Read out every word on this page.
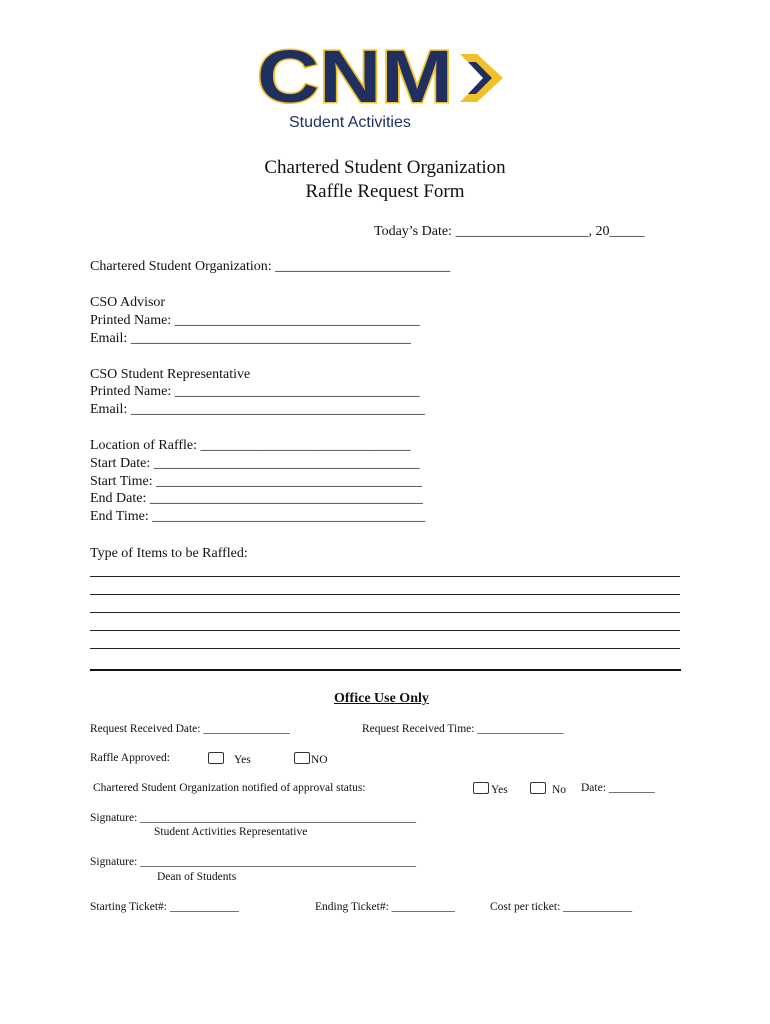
CNM
Student Activities
Chartered Student Organization
Raffle Request Form
Today’s Date: ___________________, 20_____
Chartered Student Organization: _________________________
CSO Advisor
Printed Name: ___________________________________
Email: ________________________________________
CSO Student Representative
Printed Name: ___________________________________
Email: __________________________________________
Location of Raffle: ______________________________
Start Date: ______________________________________
Start Time: ______________________________________
End Date: _______________________________________
End Time: _______________________________________
Type of Items to be Raffled:
Office Use Only
Request Received Date: _______________	Request Received Time: _______________
Raffle Approved:	Yes	NO
Chartered Student Organization notified of approval status:	Yes	No Date: ________
Signature: ________________________________________________
Student Activities Representative
Signature: ________________________________________________
Dean of Students
Starting Ticket#: ____________	Ending Ticket#: ___________	Cost per ticket: ____________
